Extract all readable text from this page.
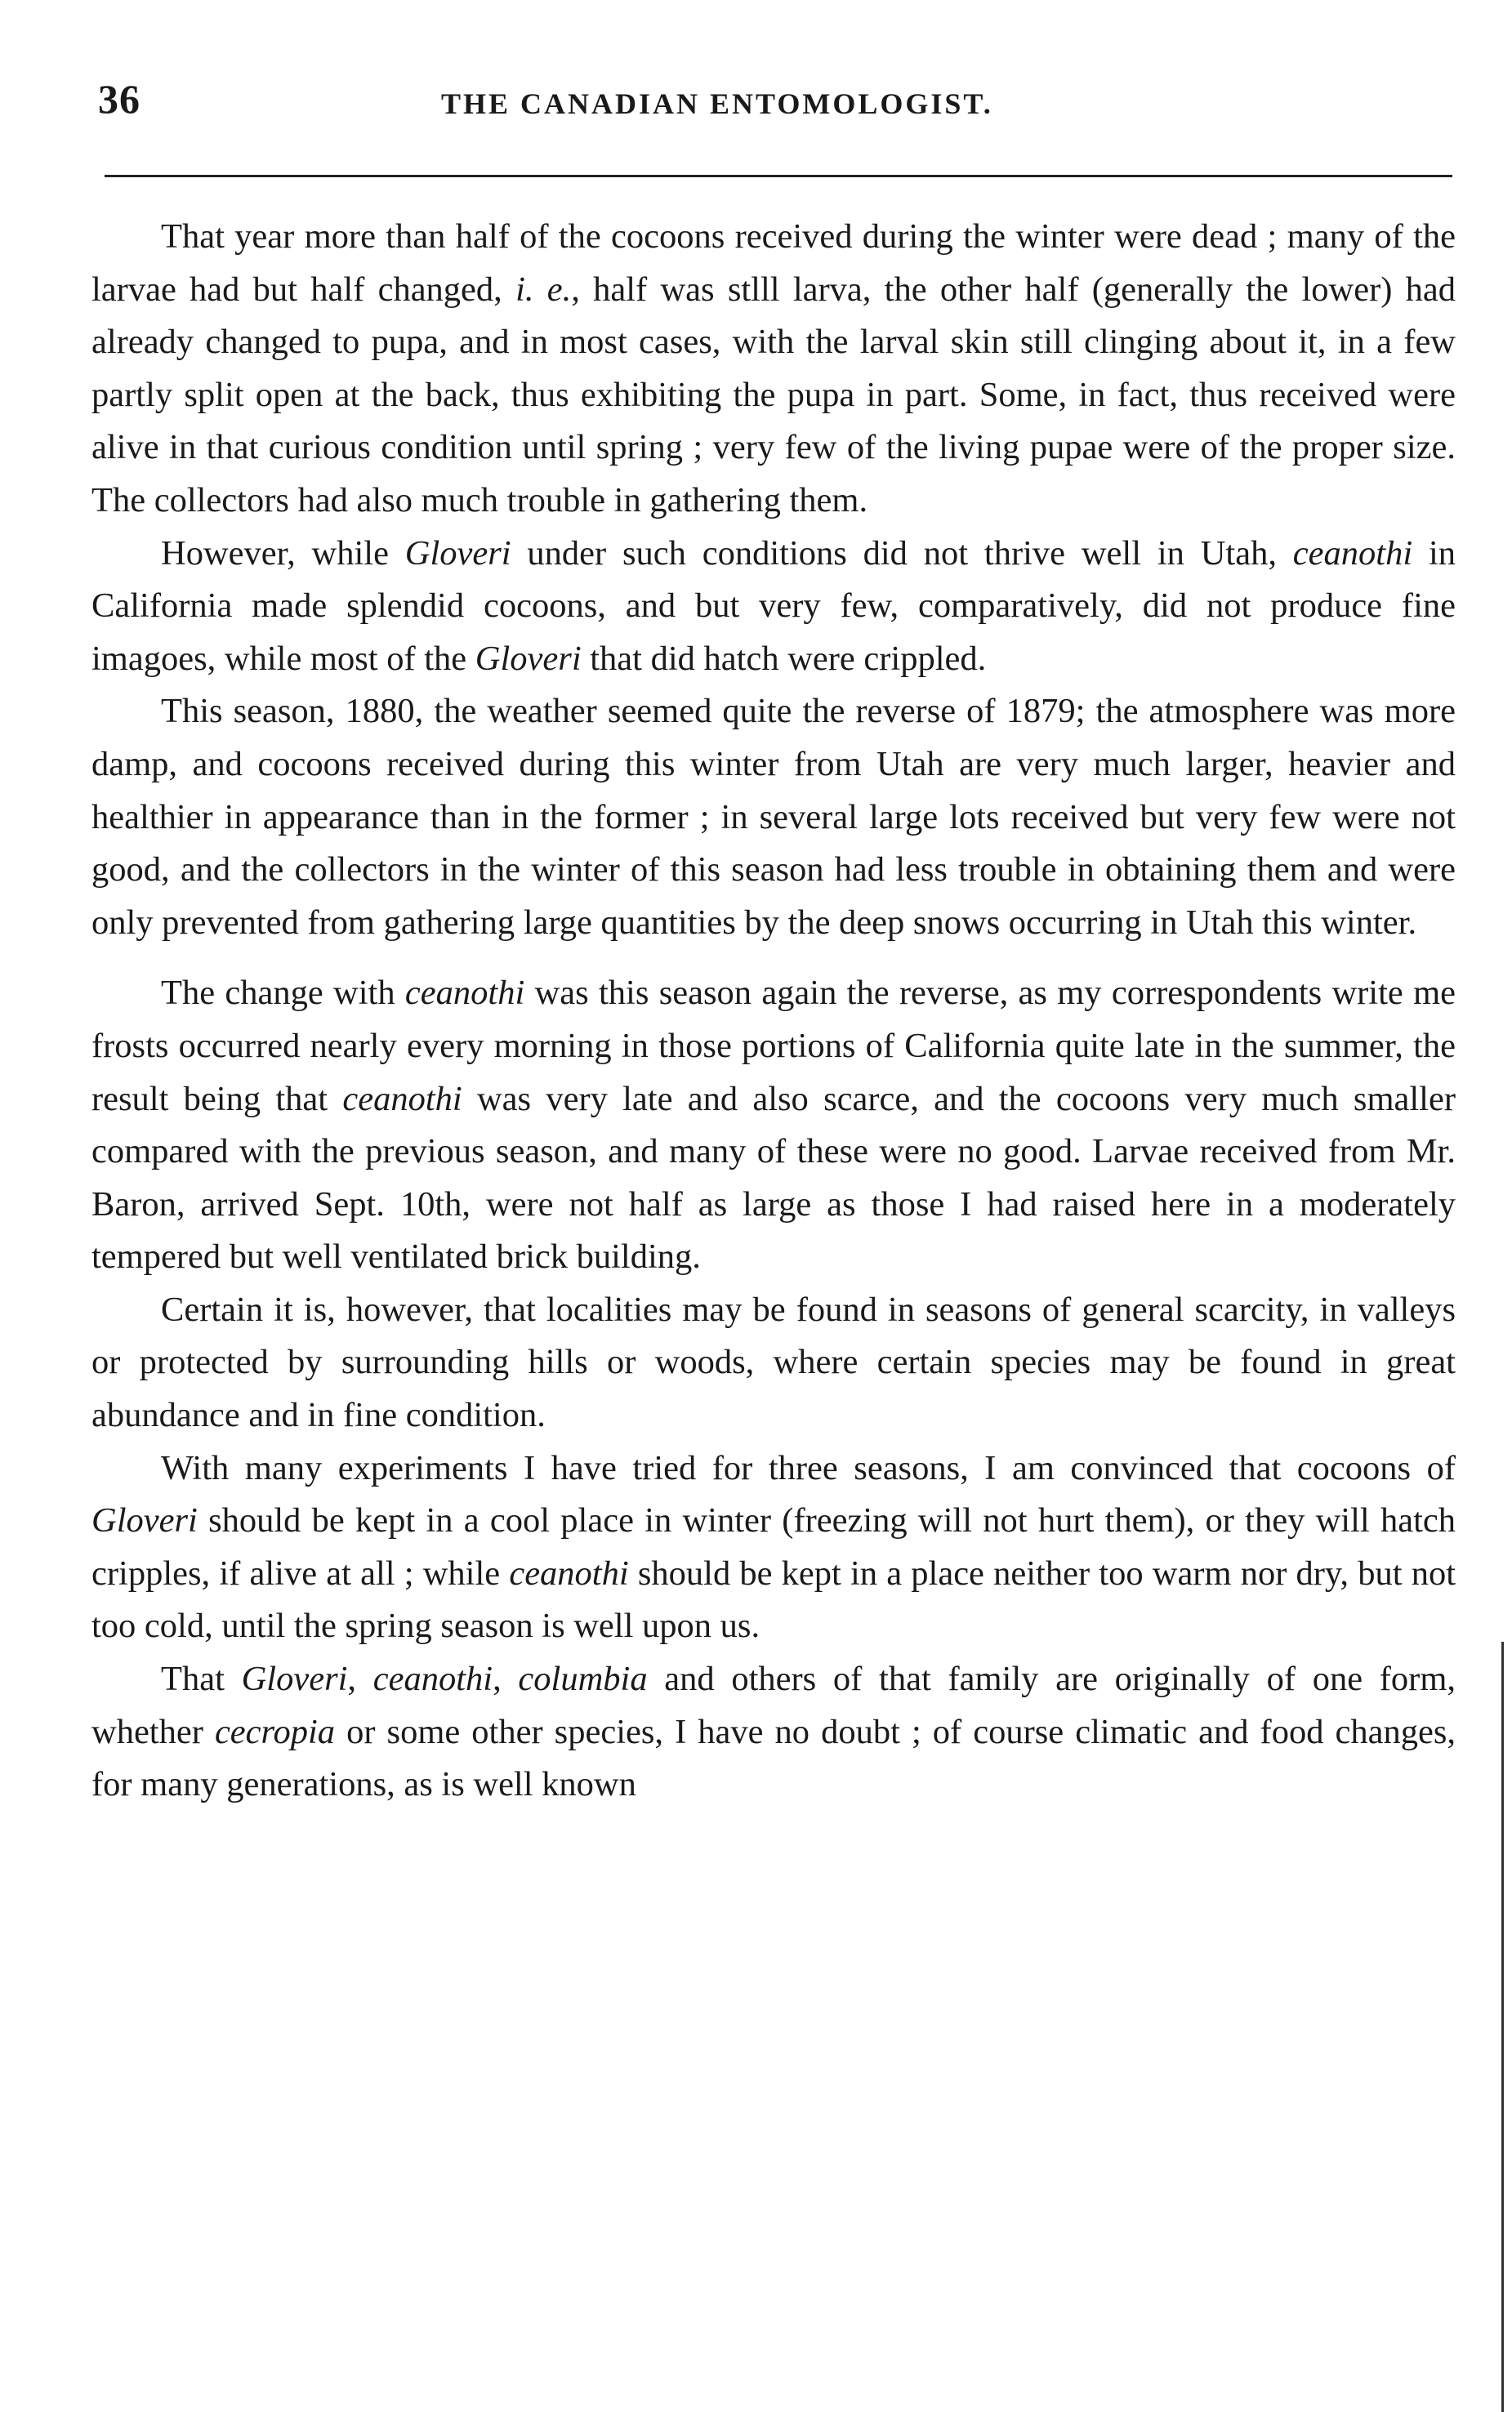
36	THE CANADIAN ENTOMOLOGIST.

That year more than half of the cocoons received during the winter were dead ; many of the larvae had but half changed, i. e., half was stlll larva, the other half (generally the lower) had already changed to pupa, and in most cases, with the larval skin still clinging about it, in a few partly split open at the back, thus exhibiting the pupa in part. Some, in fact, thus received were alive in that curious condition until spring ; very few of the living pupae were of the proper size. The collectors had also much trouble in gathering them.

However, while Gloveri under such conditions did not thrive well in Utah, ceanothi in California made splendid cocoons, and but very few, comparatively, did not produce fine imagoes, while most of the Gloveri that did hatch were crippled.

This season, 1880, the weather seemed quite the reverse of 1879; the atmosphere was more damp, and cocoons received during this winter from Utah are very much larger, heavier and healthier in appearance than in the former ; in several large lots received but very few were not good, and the collectors in the winter of this season had less trouble in obtaining them and were only prevented from gathering large quantities by the deep snows occurring in Utah this winter.

The change with ceanothi was this season again the reverse, as my correspondents write me frosts occurred nearly every morning in those portions of California quite late in the summer, the result being that ceanothi was very late and also scarce, and the cocoons very much smaller compared with the previous season, and many of these were no good. Larvae received from Mr. Baron, arrived Sept. 10th, were not half as large as those I had raised here in a moderately tempered but well ventilated brick building.

Certain it is, however, that localities may be found in seasons of general scarcity, in valleys or protected by surrounding hills or woods, where certain species may be found in great abundance and in fine condition.

With many experiments I have tried for three seasons, I am convinced that cocoons of Gloveri should be kept in a cool place in winter (freezing will not hurt them), or they will hatch cripples, if alive at all ; while ceanothi should be kept in a place neither too warm nor dry, but not too cold, until the spring season is well upon us.

That Gloveri, ceanothi, columbia and others of that family are originally of one form, whether cecropia or some other species, I have no doubt ; of course climatic and food changes, for many generations, as is well known
